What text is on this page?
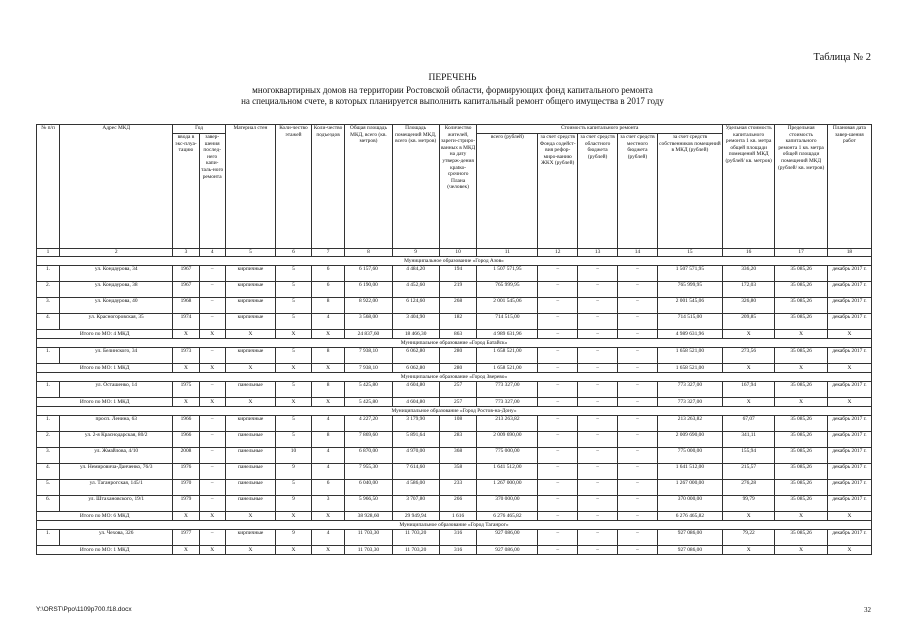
Таблица № 2
ПЕРЕЧЕНЬ
многоквартирных домов на территории Ростовской области, формирующих фонд капитального ремонта
на специальном счете, в которых планируется выполнить капитальный ремонт общего имущества в 2017 году
№ п/п	Адрес МКД	Год		Материал стен	Коли-чество этажей	Коли-чество подъездов	Общая площадь МКД, всего (кв. метров)	Площадь помещений МКД, всего (кв. метров)	Количество жителей, зареги-стриро-ванных в МКД на дату утверж-дения крatко-срочного Плана (человек)	Стоимость капитального ремонта					Удельная стоимость капитального ремонта 1 кв. метра общей площади помещений МКД (рублей/ кв. метров)	Предельная стоимость капитального ремонта 1 кв. метра общей площади помещений МКД (рублей/ кв. метров)	Плановая дата завер-шения работ
		ввода в экс-плуа-тацию	завер-шения послед-него капи-таль-ного ремонта							всего (рублей)	за счет средств Фонда содейст-вия рефор-миро-ванию ЖКХ (рублей)	за счет средств областного бюджета (рублей)	за счет средств местного бюджета (рублей)	за счет средств собственников помещений в МКД (рублей)			
1	2	3	4	5	6	7	8	9	10	11	12	13	14	15	16	17	18
Муниципальное образование «Город Азов»																	
1.	ул. Кондаурова, 34	1967	–	кирпичные	5	6	6 157,60	4 484,20	194	1 507 571,95	–	–	–	1 507 571,95	336,20	35 085,26	декабрь 2017 г.
2.	ул. Кондаурова, 38	1967	–	кирпичные	5	6	6 190,00	4 452,60	219	765 999,95	–	–	–	765 999,95	172,03	35 085,26	декабрь 2017 г.
3.	ул. Кондаурова, 40	1968	–	кирпичные	5	8	8 922,00	6 124,60	268	2 001 545,06	–	–	–	2 001 545,06	326,80	35 085,26	декабрь 2017 г.
4.	ул. Красногоровская, 35	1974	–	кирпичные	5	4	3 568,00	3 404,90	182	714 515,00	–	–	–	714 515,00	209,85	35 085,26	декабрь 2017 г.
Итого по МО: 4 МКД		Х	Х	Х	Х	Х	24 837,60	18 466,30	863	4 989 631,96	–	–	–	4 989 631,96	Х	Х	Х
Муниципальное образование «Город Батайск»																	
1.	ул. Белинского, 34	1973	–	кирпичные	5	8	7 938,10	6 062,80	280	1 658 521,00	–	–	–	1 658 521,00	273,56	35 085,26	декабрь 2017 г.
Итого по МО: 1 МКД		Х	Х	Х	Х	Х	7 938,10	6 062,80	280	1 658 521,00	–	–	–	1 658 521,00	Х	Х	Х
Муниципальное образование «Город Зверево»																	
1.	ул. Осташенко, 14	1975	–	панельные	5	8	5 425,80	4 604,80	257	773 327,00	–	–	–	773 327,00	167,94	35 085,26	декабрь 2017 г.
Итого по МО: 1 МКД		Х	Х	Х	Х	Х	5 425,80	4 604,80	257	773 327,00	–	–	–	773 327,00	Х	Х	Х
Муниципальное образование «Город Ростов-на-Дону»																	
1.	просп. Ленина, 63	1966	–	кирпичные	5	4	4 227,20	3 179,90	108	213 263,82	–	–	–	213 263,82	67,07	35 085,26	декабрь 2017 г.
2.	ул. 2-я Краснодарская, 80/2	1966	–	панельные	5	8	7 869,60	5 891,64	283	2 009 690,00	–	–	–	2 009 690,00	341,11	35 085,26	декабрь 2017 г.
3.	ул. Жмайлова, 4/10	2008	–	панельные	10	4	6 870,00	4 970,00	368	775 000,00	–	–	–	775 000,00	155,94	35 085,26	декабрь 2017 г.
4.	ул. Немировича-Данченко, 76/3	1976	–	панельные	9	4	7 955,30	7 614,60	358	1 641 512,00	–	–	–	1 641 512,00	215,57	35 085,26	декабрь 2017 г.
5.	ул. Таганрогская, 145/1	1970	–	панельные	5	6	6 040,00	4 586,00	233	1 267 000,00	–	–	–	1 267 000,00	276,28	35 085,26	декабрь 2017 г.
6.	ул. Штахановского, 19/1	1979	–	панельные	9	3	5 966,50	3 707,80	266	370 000,00	–	–	–	370 000,00	99,79	35 085,26	декабрь 2017 г.
Итого по МО: 6 МКД		Х	Х	Х	Х	Х	38 928,60	29 949,94	1 616	6 276 465,82	–	–	–	6 276 465,82	Х	Х	Х
Муниципальное образование «Город Таганрог»																	
1.	ул. Чехова, 326	1977	–	кирпичные	9	4	11 703,30	11 703,20	316	927 086,00	–	–	–	927 086,00	79,22	35 085,26	декабрь 2017 г.
Итого по МО: 1 МКД		Х	Х	Х	Х	Х	11 703,30	11 703,20	316	927 086,00	–	–	–	927 086,00	Х	Х	Х
Y:\ORST\Ppo\1109p700.f18.docx	32
